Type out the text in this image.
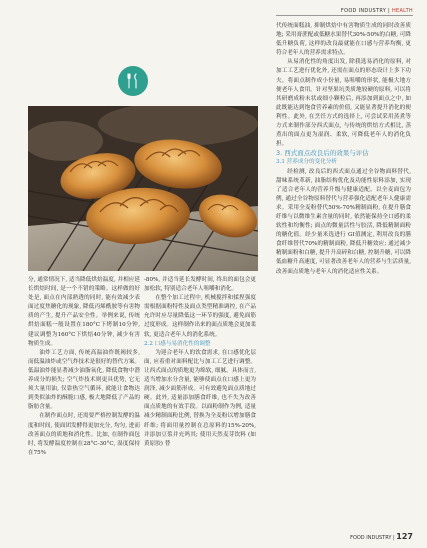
FOOD INDUSTRY | HEALTH

分, 通常情况下, 适当降低烘焙温度, 并相应延长烘焙时间, 是一个不错的策略。这样做的好处是, 面点在内部熟透的同时, 能有效减少表面过度焦糖化的现象, 降低丙烯酰胺等有害物质的产生, 提升产品安全性。举例来说, 传统烘焙面糕一般设置在180°C下烤制10分钟, 建议调整为160°C下烘焙40分钟, 减少有害物质生成。

油炸工艺方面, 传统高温油炸既褐较多, 而低温油炸或空气炸技术是很好的替代方案。低温油炸能显著减少油脂氧化, 降低食物中潜养成分的损失; 空气炸技术则更具优势, 它无须大量用油, 仅靠热空气循环, 就能让食物达到类似油炸的酥脆口感, 极大地降低了产品的脂肪含量。

在制作面点时, 还需要严格控制发酵的温度和时间, 使面团发酵得更加充分, 均匀, 进而改善面点的质地和消化性。比如, 在制作面包时, 将发酵温度控制在28°C-30°C, 湿度保持在75%

-80%, 并适当延长发酵时间, 终出的面包会更加松软, 特别适合老年人咀嚼和消化。

在整个加工过程中, 机械搅拌和揉捏强度需根据面粉特性及面点类型精准调控, 在产品允许时应尽量降低这一环节的强度, 避免面筋过度形成。这样制作出来的面点质地会更加柔软, 更适合老年人的消化系统。

2.2 口感与易消化性的调整

为迎合老年人的饮食需求, 在口感优化层面, 应着重对面料配比与加工工艺进行调整。让西式面点的质地更为绵软, 细腻。具体而言, 适当增加水分含量, 能够使面点在口感上更为润泽, 减少面筋形成。可有效避免面点质地过硬。此外, 适量添加膳食纤维, 也不失为改善面点质地的有效手段。以面粉制作为例, 适量减少精制面粉比例, 替换为全麦粉以增加膳食纤维; 将面用量控制在总原料的15%-20%, 并添加豆浆并充吗其; 使用天然麦芽饮料 (如黄原胶) 替

代传统面糕油, 抑制烘焙中有害物质生成的同时改善质地; 采用膏蔗配或低糖水果替代30%-50%的白糖, 可降低升糖负荷, 这样的改良最就能在口感与营养均衡, 更符合老年人的营养需求特点。

从易消化性的角度出发, 除我选易消化的原料, 对加工工艺进行优化外, 还需在面点的形态设计上多下功夫。将面点制作成小份量, 易咀嚼的形状, 能极大地方便老年人食用。针对坚果坑类质地较硬的原料, 可以将其研磨成粉末状或细小颗粒后, 再添加到面点之中, 如此既能达到饱食营养素的价值, 又能显著提升消化的便利性。此外, 在烹饪方式的选择上, 可尝试采用蒸煮等方式来制作部分西式面点, 与传统的烘焙方式相比, 蒸煮出的面点更为湿润、柔软, 可降低老年人的消化负担。

3. 西式面点改良后的效果与评估

3.1 营养成分的变化分析

经检测, 改良后的西式面点通过全谷物面料替代, 甜味系统革新, 油脂结构优化及功能性原料添加, 实现了适合老年人的营养升级与健康适配。以全麦面包为例, 通过全谷物原料替代与营养强化适配老年人健康需求。采用全麦粉替代50%-70%精制面粉, 在提升膳食纤维与以微维生素含量的同时, 依然能保持全口感的柔软性和均衡性; 面点的微量活性与胶活, 降低精制面粉的糖化值。经少量米选进行 GI值测定, 利用改良的膳食纤维替代70%的精制面粉, 降低升糖效应; 通过减少精制面粉和白糖, 提升升高碎和白糖, 控制升糖, 可以降低血糖升高速度, 可显著改善老年人的营养与生活质量, 改善面点质地与老年人的消化适应性关系。

FOOD INDUSTRY | 127
